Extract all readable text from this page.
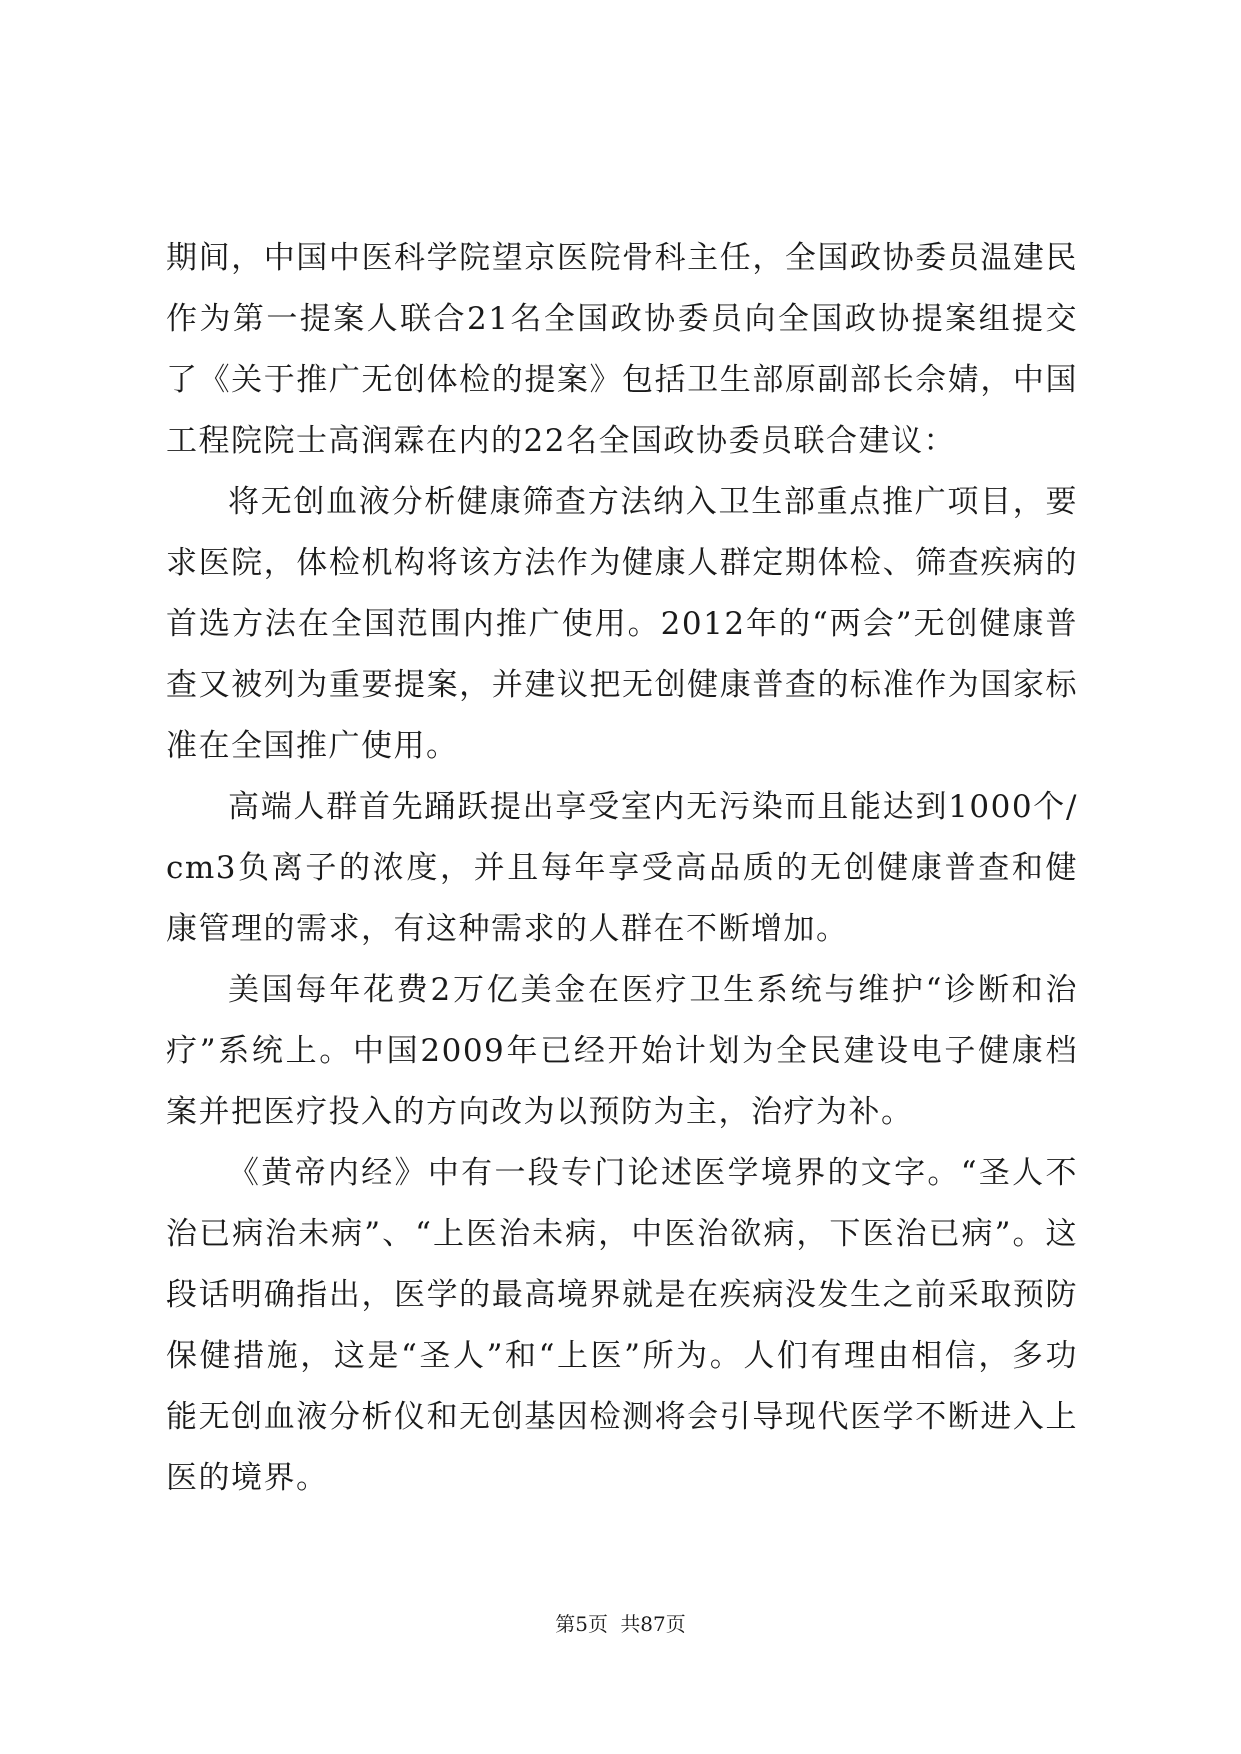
期间，中国中医科学院望京医院骨科主任，全国政协委员温建民作为第一提案人联合21名全国政协委员向全国政协提案组提交了《关于推广无创体检的提案》包括卫生部原副部长佘婧，中国工程院院士高润霖在内的22名全国政协委员联合建议：

将无创血液分析健康筛查方法纳入卫生部重点推广项目，要求医院，体检机构将该方法作为健康人群定期体检、筛查疾病的首选方法在全国范围内推广使用。2012年的“两会”无创健康普查又被列为重要提案，并建议把无创健康普查的标准作为国家标准在全国推广使用。

高端人群首先踊跃提出享受室内无污染而且能达到1000个/cm3负离子的浓度，并且每年享受高品质的无创健康普查和健康管理的需求，有这种需求的人群在不断增加。

美国每年花费2万亿美金在医疗卫生系统与维护“诊断和治疗”系统上。中国2009年已经开始计划为全民建设电子健康档案并把医疗投入的方向改为以预防为主，治疗为补。

《黄帝内经》中有一段专门论述医学境界的文字。“圣人不治已病治未病”、“上医治未病，中医治欲病，下医治已病”。这段话明确指出，医学的最高境界就是在疾病没发生之前采取预防保健措施，这是“圣人”和“上医”所为。人们有理由相信，多功能无创血液分析仪和无创基因检测将会引导现代医学不断进入上医的境界。

第5页 共87页
